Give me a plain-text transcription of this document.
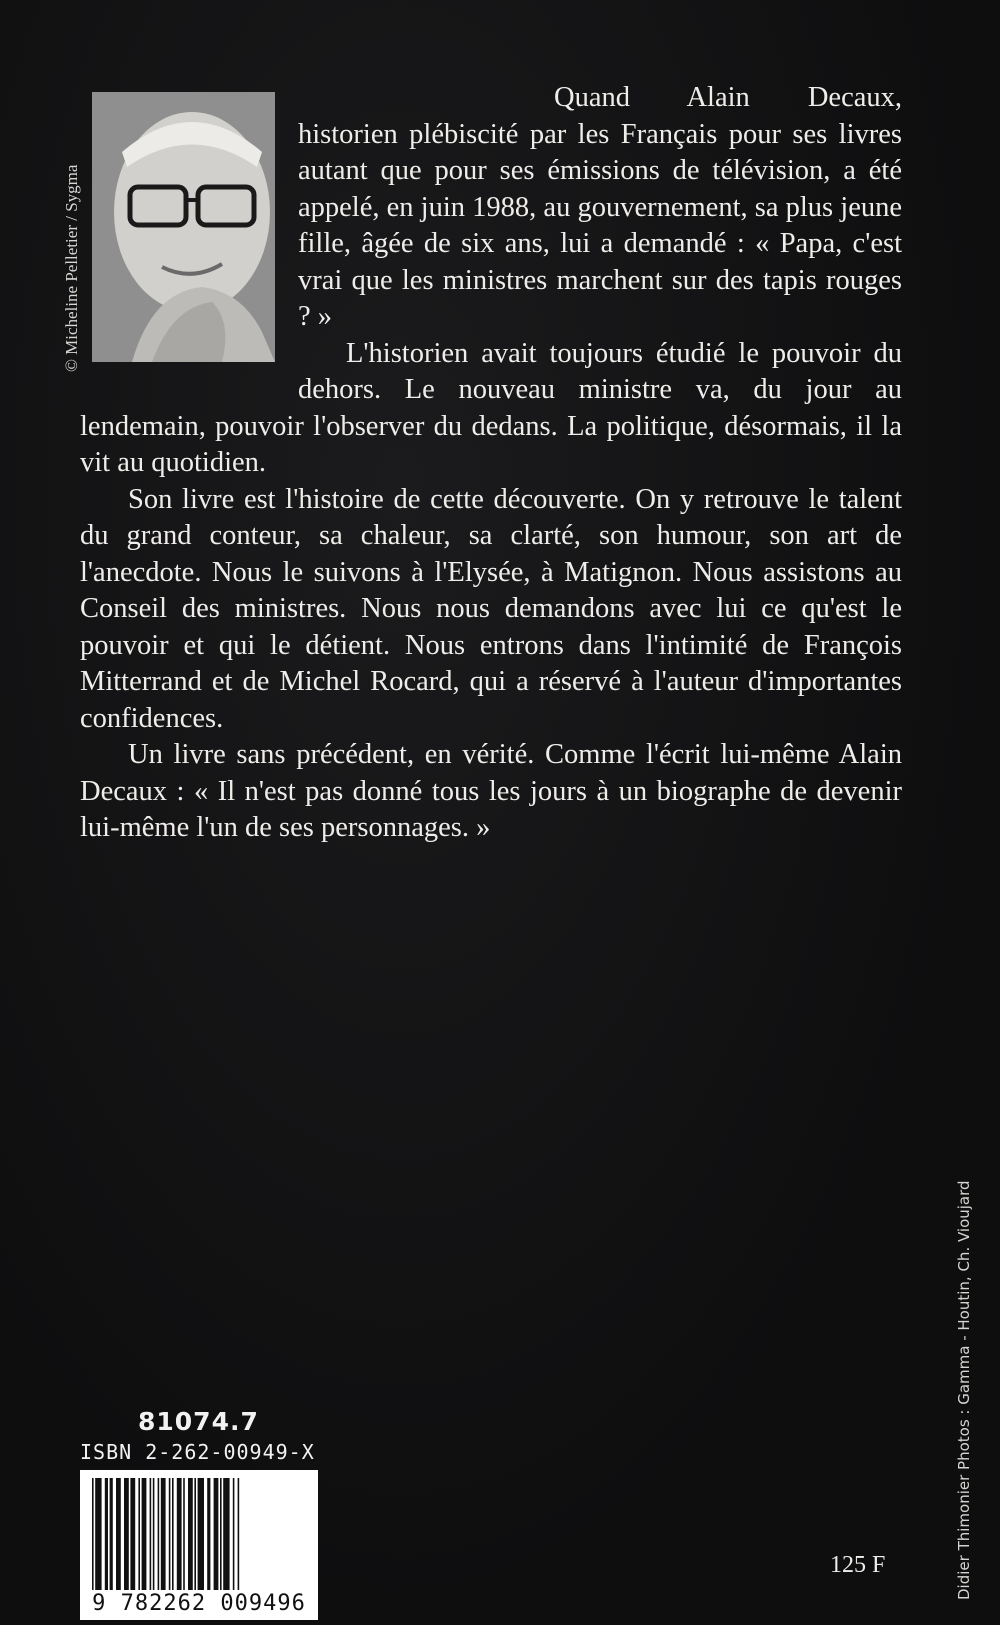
© Micheline Pelletier / Sygma

Quand Alain Decaux, historien plébiscité par les Français pour ses livres autant que pour ses émissions de télévision, a été appelé, en juin 1988, au gouvernement, sa plus jeune fille, âgée de six ans, lui a demandé : « Papa, c'est vrai que les ministres marchent sur des tapis rouges ? »

L'historien avait toujours étudié le pouvoir du dehors. Le nouveau ministre va, du jour au lendemain, pouvoir l'observer du dedans. La politique, désormais, il la vit au quotidien.

Son livre est l'histoire de cette découverte. On y retrouve le talent du grand conteur, sa chaleur, sa clarté, son humour, son art de l'anecdote. Nous le suivons à l'Elysée, à Matignon. Nous assistons au Conseil des ministres. Nous nous demandons avec lui ce qu'est le pouvoir et qui le détient. Nous entrons dans l'intimité de François Mitterrand et de Michel Rocard, qui a réservé à l'auteur d'importantes confidences.

Un livre sans précédent, en vérité. Comme l'écrit lui-même Alain Decaux : « Il n'est pas donné tous les jours à un biographe de devenir lui-même l'un de ses personnages. »

81074.7
ISBN 2-262-00949-X
9 782262 009496
125 F	Didier Thimonier Photos : Gamma - Houtin, Ch. Vioujard
